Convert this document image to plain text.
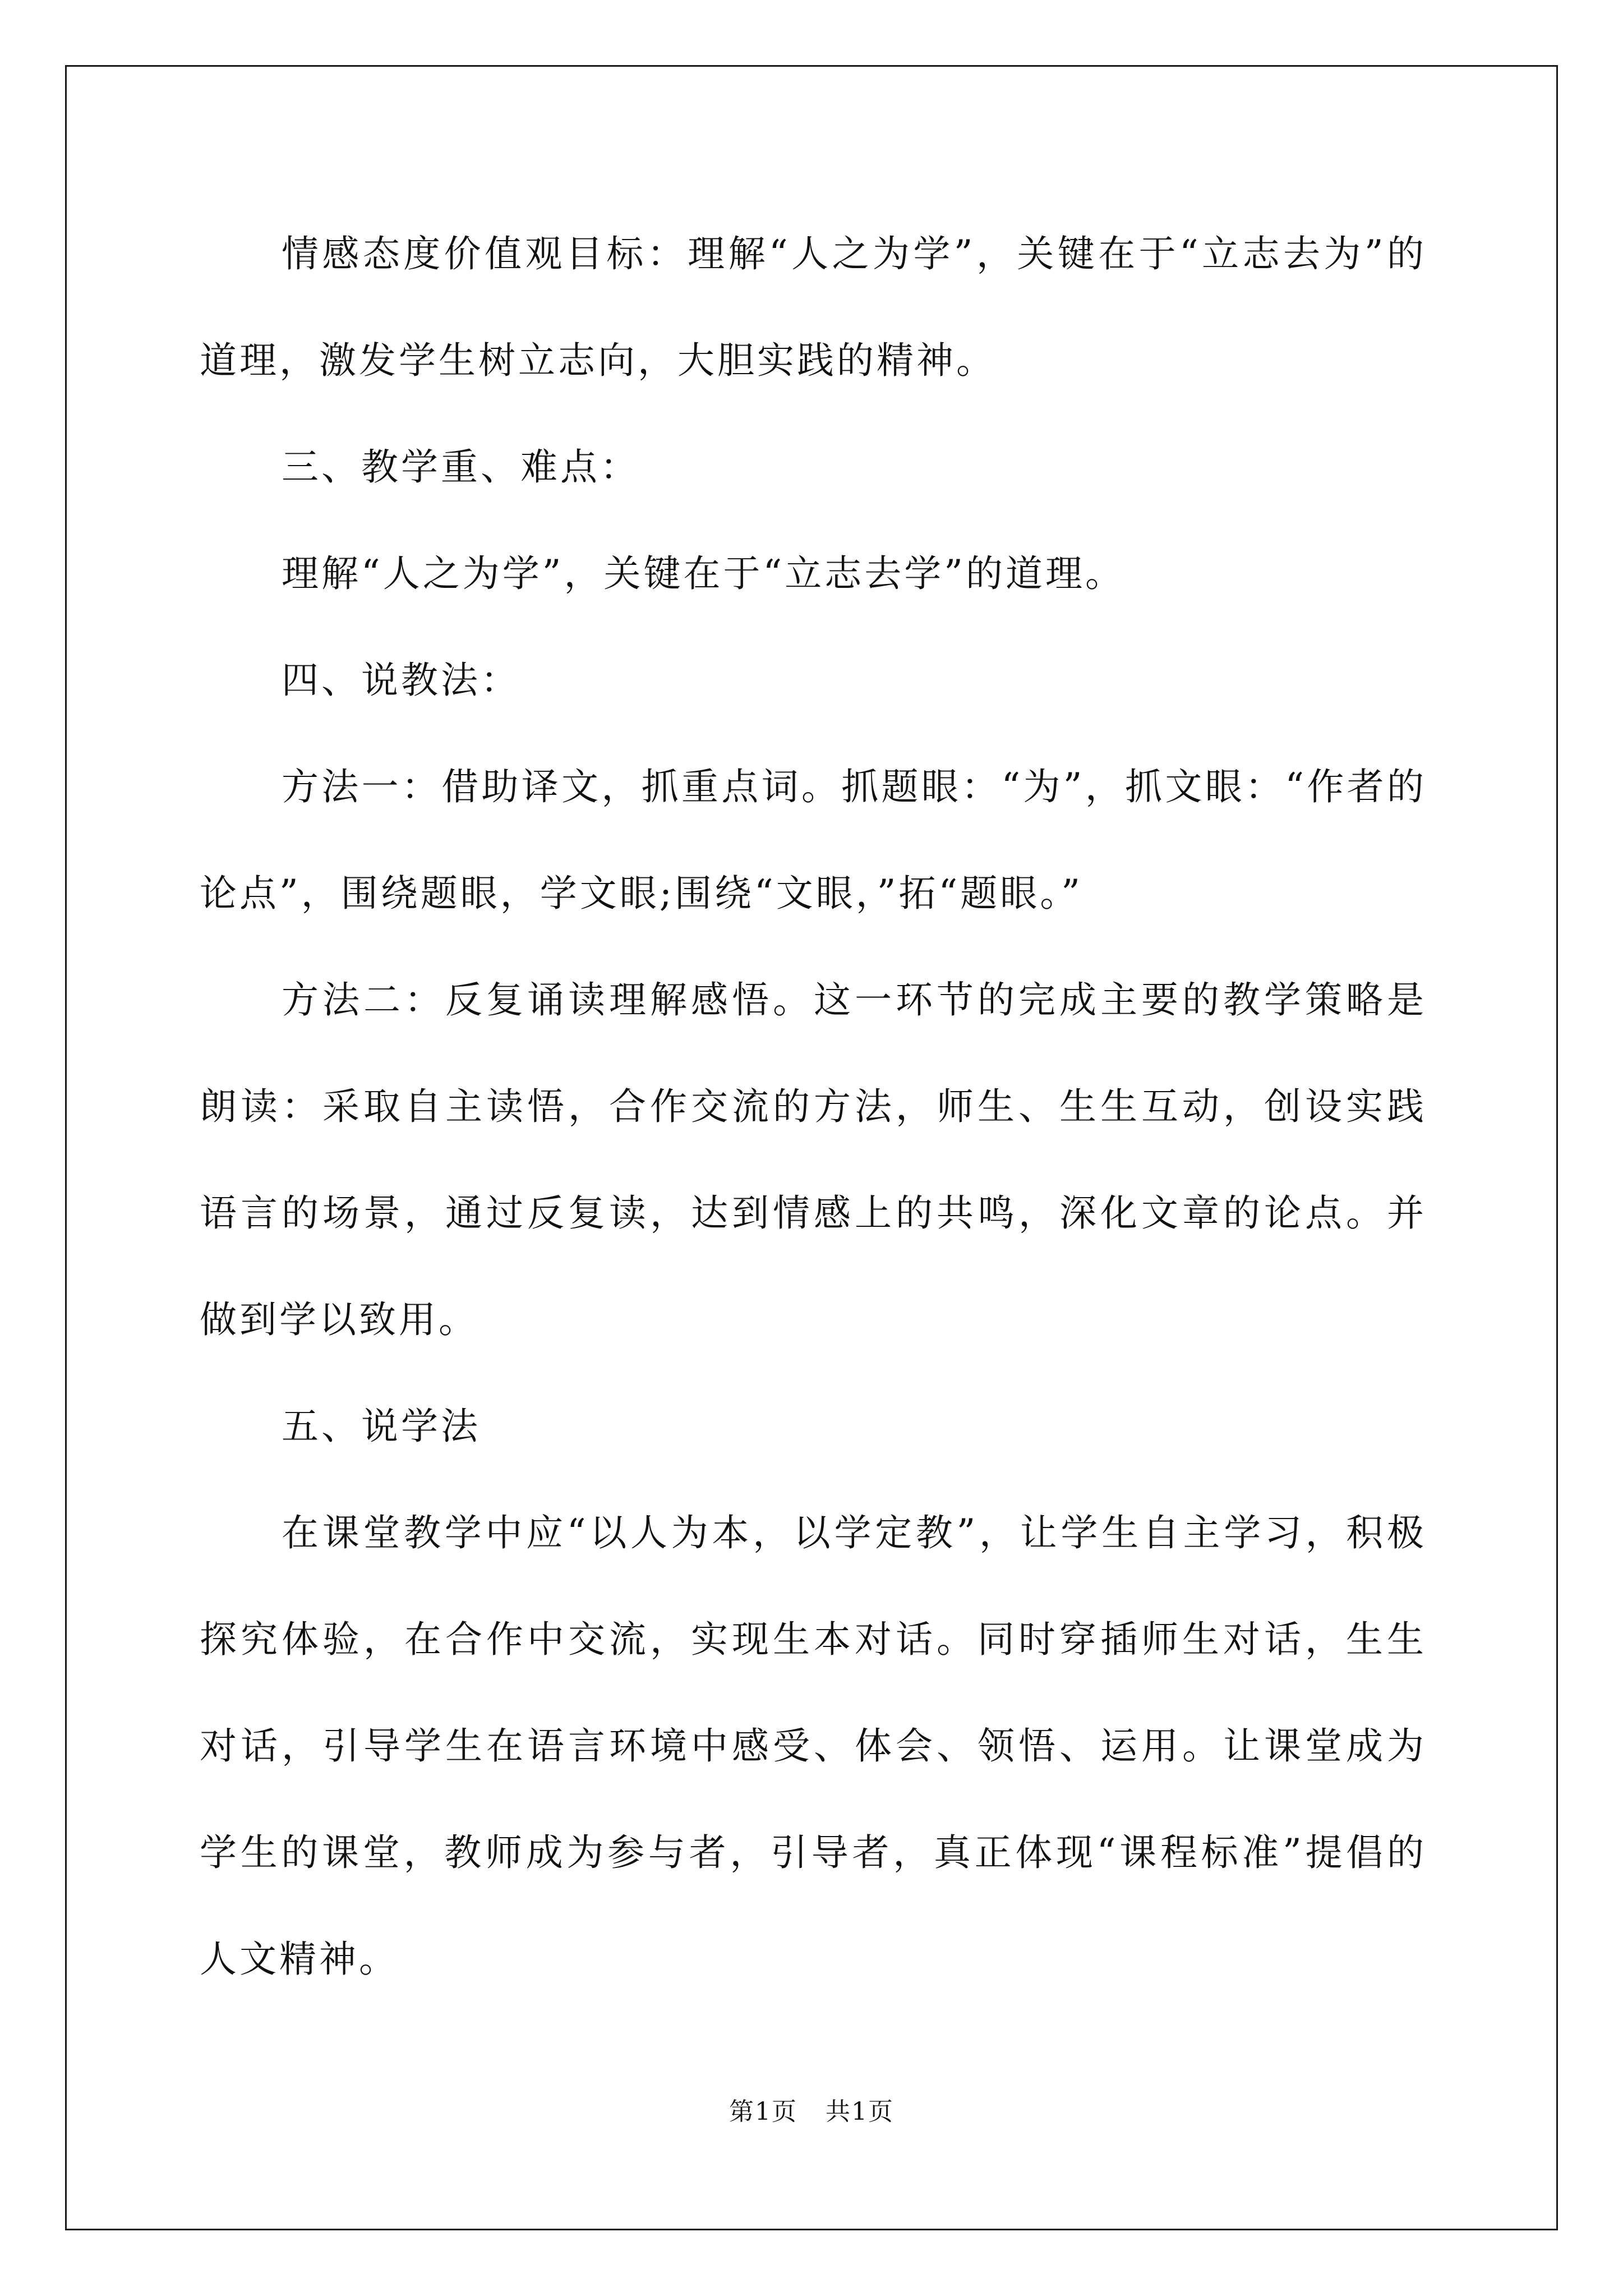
情感态度价值观目标：理解“人之为学”，关键在于“立志去为”的道理，激发学生树立志向，大胆实践的精神。

三、教学重、难点：

理解“人之为学”，关键在于“立志去学”的道理。

四、说教法：

方法一：借助译文，抓重点词。抓题眼：“为”，抓文眼：“作者的论点”，围绕题眼，学文眼;围绕“文眼，”拓“题眼。”

方法二：反复诵读理解感悟。这一环节的完成主要的教学策略是朗读：采取自主读悟，合作交流的方法，师生、生生互动，创设实践语言的场景，通过反复读，达到情感上的共鸣，深化文章的论点。并做到学以致用。

五、说学法

在课堂教学中应“以人为本，以学定教”，让学生自主学习，积极探究体验，在合作中交流，实现生本对话。同时穿插师生对话，生生对话，引导学生在语言环境中感受、体会、领悟、运用。让课堂成为学生的课堂，教师成为参与者，引导者，真正体现“课程标准”提倡的人文精神。

第1页 共1页
